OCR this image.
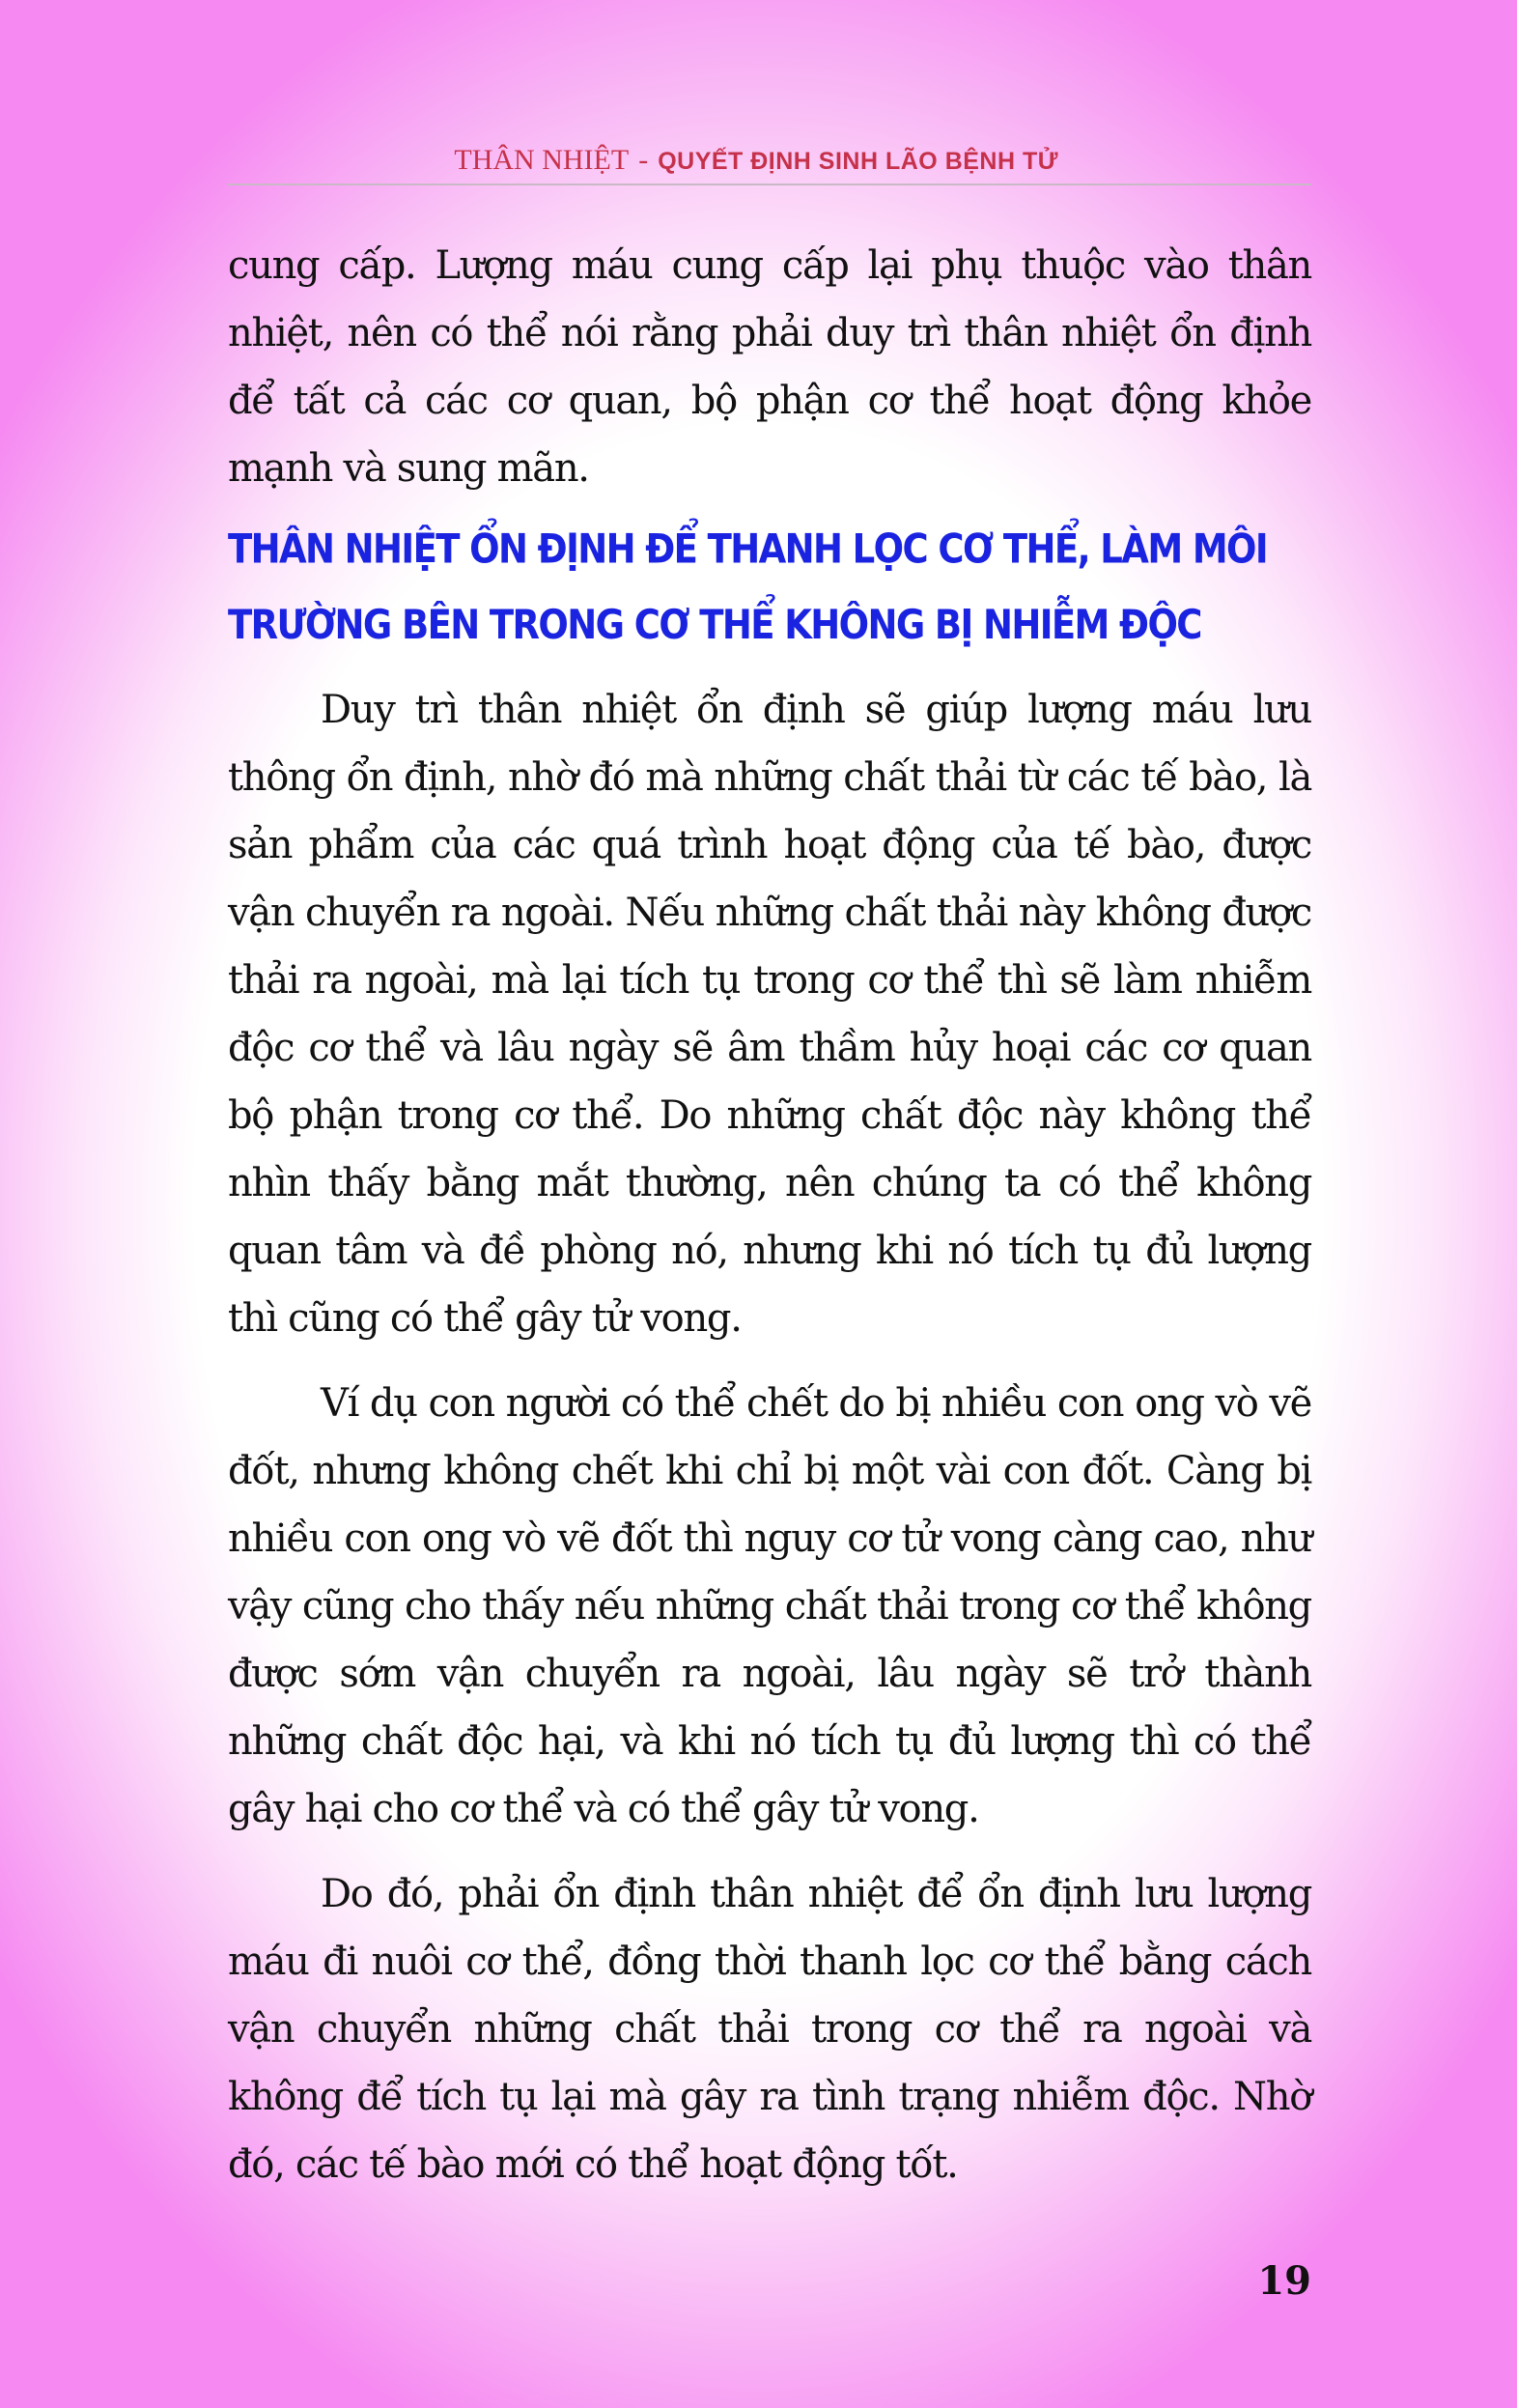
THÂN NHIỆT - QUYẾT ĐỊNH SINH LÃO BỆNH TỬ

cung cấp. Lượng máu cung cấp lại phụ thuộc vào thân nhiệt, nên có thể nói rằng phải duy trì thân nhiệt ổn định để tất cả các cơ quan, bộ phận cơ thể hoạt động khỏe mạnh và sung mãn.

THÂN NHIỆT ỔN ĐỊNH ĐỂ THANH LỌC CƠ THỂ, LÀM MÔI TRƯỜNG BÊN TRONG CƠ THỂ KHÔNG BỊ NHIỄM ĐỘC

Duy trì thân nhiệt ổn định sẽ giúp lượng máu lưu thông ổn định, nhờ đó mà những chất thải từ các tế bào, là sản phẩm của các quá trình hoạt động của tế bào, được vận chuyển ra ngoài. Nếu những chất thải này không được thải ra ngoài, mà lại tích tụ trong cơ thể thì sẽ làm nhiễm độc cơ thể và lâu ngày sẽ âm thầm hủy hoại các cơ quan bộ phận trong cơ thể. Do những chất độc này không thể nhìn thấy bằng mắt thường, nên chúng ta có thể không quan tâm và đề phòng nó, nhưng khi nó tích tụ đủ lượng thì cũng có thể gây tử vong.

Ví dụ con người có thể chết do bị nhiều con ong vò vẽ đốt, nhưng không chết khi chỉ bị một vài con đốt. Càng bị nhiều con ong vò vẽ đốt thì nguy cơ tử vong càng cao, như vậy cũng cho thấy nếu những chất thải trong cơ thể không được sớm vận chuyển ra ngoài, lâu ngày sẽ trở thành những chất độc hại, và khi nó tích tụ đủ lượng thì có thể gây hại cho cơ thể và có thể gây tử vong.

Do đó, phải ổn định thân nhiệt để ổn định lưu lượng máu đi nuôi cơ thể, đồng thời thanh lọc cơ thể bằng cách vận chuyển những chất thải trong cơ thể ra ngoài và không để tích tụ lại mà gây ra tình trạng nhiễm độc. Nhờ đó, các tế bào mới có thể hoạt động tốt.

19
